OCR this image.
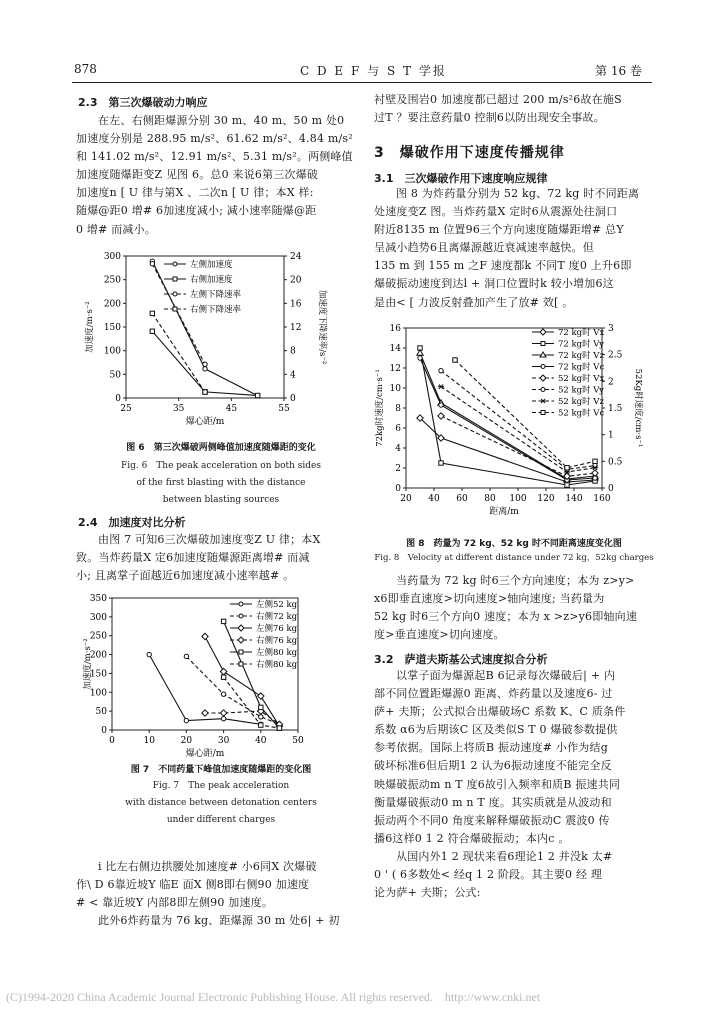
878	C D E F 与 S T 学报	第 16 卷
2.3　第三次爆破动力响应
在左、右侧距爆源分别 30 m、40 m、50 m 处0
加速度分别是 288.95 m/s²、61.62 m/s²、4.84 m/s²
和 141.02 m/s²、12.91 m/s²、5.31 m/s²。两侧峰值
加速度随爆距变Z 见图 6。总0 来说6第三次爆破
加速度n [ U 律与第X 、二次n [ U 律；本X 样:
随爆@距0 增# 6加速度减小; 减小速率随爆@距
0 增# 而减小。
25	35	45	55
0
50
100
150
200
250
300
0
4
8
12
16
20
24
爆心距/m
加速度/m·s⁻²	加速度下降速率/s⁻²
左侧加速度
右侧加速度
左侧下降速率
右侧下降速率
图 6　第三次爆破两侧峰值加速度随爆距的变化
Fig. 6　The peak acceleration on both sides
of the first blasting with the distance
between blasting sources
2.4　加速度对比分析
由图 7 可知6三次爆破加速度变Z U 律；本X
致。当炸药量X 定6加速度随爆源距离增# 而减
小; 且离掌子面越近6加速度减小速率越# 。
0	10	20	30	40	50
0
50
100
150
200
250
300
350
爆心距/m
加速度/m·s⁻²
左侧52 kg
右侧72 kg
左侧76 kg
右侧76 kg
左侧80 kg
右侧80 kg
图 7　不同药量下峰值加速度随爆距的变化图
Fig. 7　The peak acceleration
with distance between detonation centers
under different charges
i 比左右侧边拱腰处加速度# 小6同X 次爆破
作\ D 6靠近坡Y 临E 面X 侧8即右侧90 加速度
# < 靠近坡Y 内部8即左侧90 加速度。
此外6炸药量为 76 kg、距爆源 30 m 处6| + 初
衬壁及围岩0 加速度都已超过 200 m/s²6故在施S
过T ？要注意药量0 控制6以防出现安全事故。
3　爆破作用下速度传播规律
3.1　三次爆破作用下速度响应规律
图 8 为炸药量分别为 52 kg、72 kg 时不同距离
处速度变Z 图。当炸药量X 定时6从震源处往洞口
附近8135 m 位置96三个方向速度随爆距增# 总Y
呈减小趋势6且离爆源越近衰减速率越快。但
135 m 到 155 m 之F 速度都k 不同T 度0 上升6即
爆破振动速度到达l + 洞口位置时k 较小增加6这
是由< [ 力波反射叠加产生了放# 效[ 。
20 40 60 80 100 120 140 160
0
2
4
6
8
10
12
14
16
0
0.5
1
1.5
2
2.5
3
距离/m
72kg时速度/cm·s⁻¹	52Kg时速度/cm·s⁻¹
72 kg时 Vx
72 kg时 Vy
72 kg时 Vz
72 kg时 Vc
52 kg时 Vx
52 kg时 Vy
52 kg时 Vz
52 kg时 Vc
图 8　药量为 72 kg、52 kg 时不同距离速度变化图
Fig. 8　Velocity at different distance under 72 kg，52kg charges
当药量为 72 kg 时6三个方向速度；本为 z>y>
x6即垂直速度>切向速度>轴向速度; 当药量为
52 kg 时6三个方向0 速度；本为 x >z>y6即轴向速
度>垂直速度>切向速度。
3.2　萨道夫斯基公式速度拟合分析
以掌子面为爆源起B 6记录每次爆破后| + 内
部不同位置距爆源0 距离、炸药量以及速度6- 过
萨+ 夫斯；公式拟合出爆破场C 系数 K、C 质条件
系数 α6为后期该C 区及类似S T 0 爆破参数提供
参考依据。国际上将质B 振动速度# 小作为结g
破坏标准6但后期1 2 认为6振动速度不能完全反
映爆破振动m n T 度6故引入频率和质B 振速共同
衡量爆破振动0 m n T 度。其实质就是从波动和
振动两个不同0 角度来解释爆破振动C 震波0 传
播6这样0 1 2 符合爆破振动；本内c 。
从国内外1 2 现状来看6理论1 2 并没k 太#
0 ' ( 6多数处< 经q 1 2 阶段。其主要0 经 理
论为萨+ 夫斯；公式:
(C)1994-2020 China Academic Journal Electronic Publishing House. All rights reserved.    http://www.cnki.net
